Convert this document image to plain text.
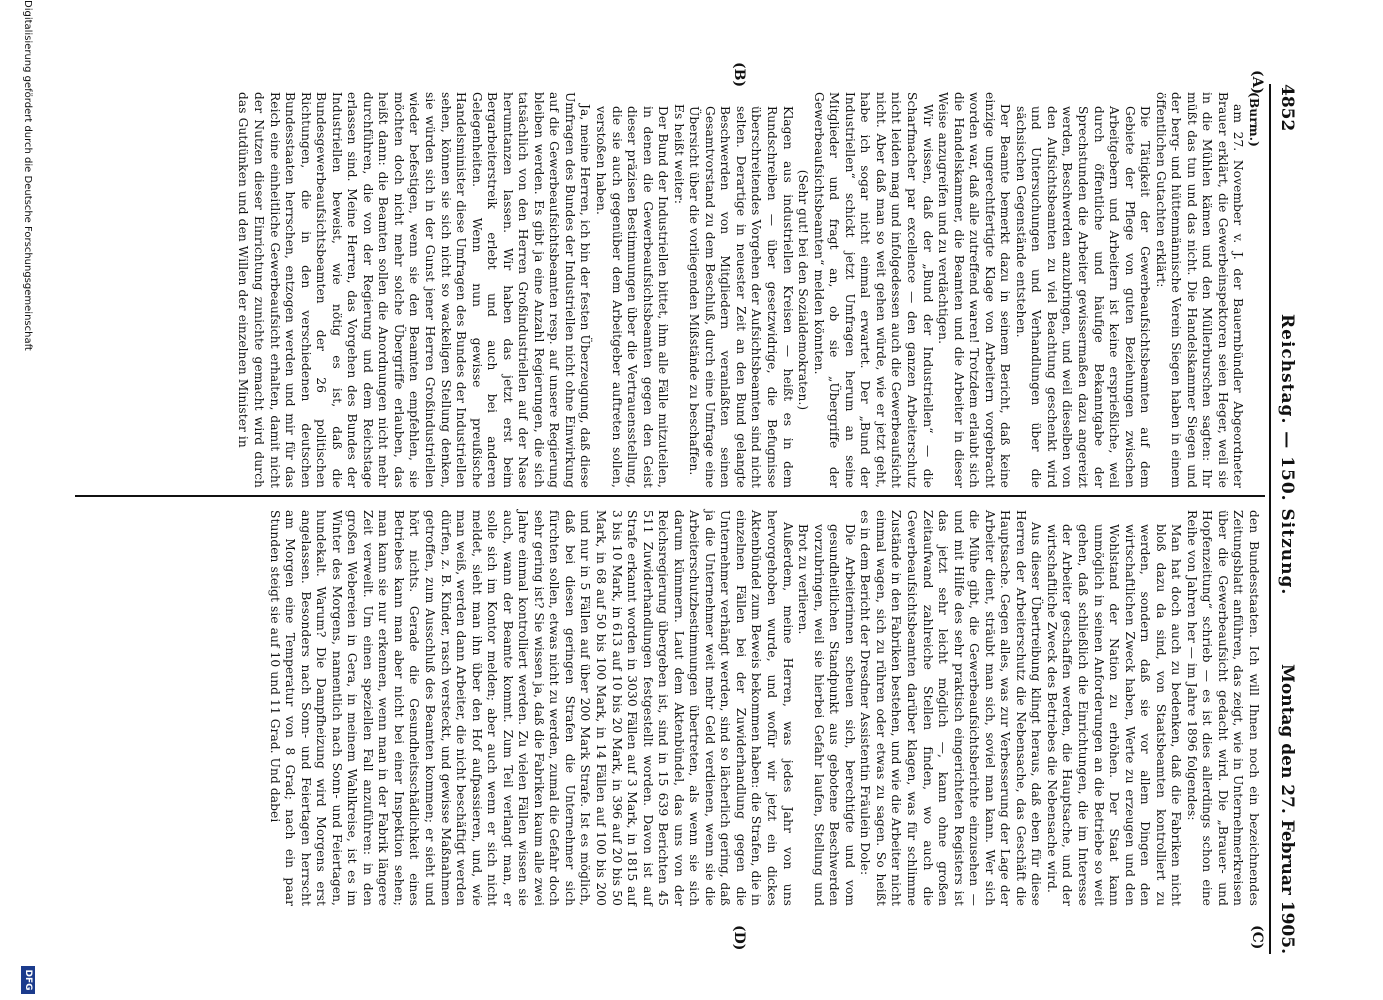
4852
Reichstag. — 150. Sitzung.
Montag den 27. Februar 1905.
(A)
(B)
(C)
(D)

(Burm.)

am 27. November v. J. der Bauernbündler Abgeordneter Brauer erklärt, die Gewerbeinspektoren seien Heger, weil sie in die Mühlen kämen und den Müllerburschen sagten: Ihr müßt das tun und das nicht. Die Handelskammer Siegen und der berg- und hüttenmännische Verein Siegen haben in einem öffentlichen Gutachten erklärt:

Die Tätigkeit der Gewerbeaufsichtsbeamten auf dem Gebiete der Pflege von guten Beziehungen zwischen Arbeitgebern und Arbeitern ist keine ersprießliche, weil durch öffentliche und häufige Bekanntgabe der Sprechstunden die Arbeiter gewissermaßen dazu angereizt werden, Beschwerden anzubringen, und weil dieselben von den Aufsichtsbeamten zu viel Beachtung geschenkt wird und Untersuchungen und Verhandlungen über die sächsischen Gegenstände entstehen.

Der Beamte bemerkt dazu in seinem Bericht, daß keine einzige ungerechtfertigte Klage von Arbeitern vorgebracht worden war, daß alle zutreffend waren! Trotzdem erlaubt sich die Handelskammer, die Beamten und die Arbeiter in dieser Weise anzugreifen und zu verdächtigen.

Wir wissen, daß der „Bund der Industriellen“ — die Scharfmacher par excellence — den ganzen Arbeiterschutz nicht leiden mag und infolgedessen auch die Gewerbeaufsicht nicht. Aber daß man so weit gehen würde, wie er jetzt geht, habe ich sogar nicht einmal erwartet. Der „Bund der Industriellen“ schickt jetzt Umfragen herum an seine Mitglieder und fragt an, ob sie „Übergriffe der Gewerbeaufsichtsbeamten“ melden könnten.

(Sehr gut! bei den Sozialdemokraten.)

Klagen aus industriellen Kreisen — heißt es in dem Rundschreiben — über gesetzwidrige, die Befugnisse überschreitendes Vorgehen der Aufsichtsbeamten sind nicht selten. Derartige in neuester Zeit an den Bund gelangte Beschwerden von Mitgliedern veranlaßten seinen Gesamtvorstand zu dem Beschluß, durch eine Umfrage eine Übersicht über die vorliegenden Mißstände zu beschaffen.

Es heißt weiter:

Der Bund der Industriellen bittet, ihm alle Fälle mitzuteilen, in denen die Gewerbeaufsichtsbeamten gegen den Geist dieser präzisen Bestimmungen über die Vertrauensstellung, die sie auch gegenüber dem Arbeitgeber auftreten sollen, verstoßen haben.

Ja, meine Herren, ich bin der festen Überzeugung, daß diese Umfragen des Bundes der Industriellen nicht ohne Einwirkung auf die Gewerbeaufsichtsbeamten resp. auf unsere Regierung bleiben werden. Es gibt ja eine Anzahl Regierungen, die sich tatsächlich von den Herren Großindustriellen auf der Nase herumtanzen lassen. Wir haben das jetzt erst beim Bergarbeiterstreik erlebt und auch bei anderen Gelegenheiten. Wenn nun gewisse preußische Handelsminister diese Umfragen des Bundes der Industriellen sehen, können sie sich nicht so wackeligen Stellung denken, sie würden sich in der Gunst jener Herren Großindustriellen wieder befestigen, wenn sie den Beamten empfehlen, sie möchten doch nicht mehr solche Übergriffe erlauben, das heißt dann: die Beamten sollen die Anordnungen nicht mehr durchführen, die von der Regierung und dem Reichstage erlassen sind. Meine Herren, das Vorgehen des Bundes der Industriellen beweist, wie nötig es ist, daß die Bundesgewerbeaufsichtsbeamten der 26 politischen Richtungen, die in den verschiedenen deutschen Bundesstaaten herrschen, entzogen werden und mir für das Reich eine einheitliche Gewerbeaufsicht erhalten, damit nicht der Nutzen dieser Einrichtung zunichte gemacht wird durch das Gutdünken und den Willen der einzelnen Minister in

den Bundesstaaten. Ich will Ihnen noch ein bezeichnendes Zeitungsblatt anführen, das zeigt, wie in Unternehmerkreisen über die Gewerbeaufsicht gedacht wird. Die „Brauer- und Hopfenzeitung“ schrieb — es ist dies allerdings schon eine Reihe von Jahren her — im Jahre 1896 folgendes:

Man hat doch auch zu bedenken, daß die Fabriken nicht bloß dazu da sind, von Staatsbeamten kontrolliert zu werden, sondern daß sie vor allem Dingen den wirtschaftlichen Zweck haben, Werte zu erzeugen und den Wohlstand der Nation zu erhöhen. Der Staat kann unmöglich in seinen Anforderungen an die Betriebe so weit gehen, daß schließlich die Einrichtungen, die im Interesse der Arbeiter geschaffen werden, die Hauptsache, und der wirtschaftliche Zweck des Betriebes die Nebensache wird.

Aus dieser Übertreibung klingt heraus, daß eben für diese Herren der Arbeiterschutz die Nebensache, das Geschäft die Hauptsache. Gegen alles, was zur Verbesserung der Lage der Arbeiter dient, sträubt man sich, soviel man kann. Wer sich die Mühe gibt, die Gewerbeaufsichtsberichte einzusehen — und mit Hilfe des sehr praktisch eingerichteten Registers ist das jetzt sehr leicht möglich —, kann ohne großen Zeitaufwand zahlreiche Stellen finden, wo auch die Gewerbeaufsichtsbeamten darüber klagen, was für schlimme Zustände in den Fabriken bestehen, und wie die Arbeiter nicht einmal wagen, sich zu rühren oder etwas zu sagen. So heißt es in dem Bericht der Dresdner Assistentin Fräulein Dole:

Die Arbeiterinnen scheuen sich, berechtigte und vom gesundheitlichen Standpunkt aus gebotene Beschwerden vorzubringen, weil sie hierbei Gefahr laufen, Stellung und Brot zu verlieren.

Außerdem, meine Herren, was jedes Jahr von uns hervorgehoben wurde, und wofür wir jetzt ein dickes Aktenbündel zum Beweis bekommen haben: die Strafen, die in einzelnen Fällen bei der Zuwiderhandlung gegen die Unternehmer verhängt werden, sind so lächerlich gering, daß ja die Unternehmer weit mehr Geld verdienen, wenn sie die Arbeiterschutzbestimmungen übertreten, als wenn sie sich darum kümmern. Laut dem Aktenbündel, das uns von der Reichsregierung übergeben ist, sind in 15 639 Berichten 45 511 Zuwiderhandlungen festgestellt worden. Davon ist auf Strafe erkannt worden in 3030 Fällen auf 3 Mark, in 1815 auf 3 bis 10 Mark, in 613 auf 10 bis 20 Mark, in 396 auf 20 bis 50 Mark, in 68 auf 50 bis 100 Mark, in 14 Fällen auf 100 bis 200 und nur in 5 Fällen auf über 200 Mark Strafe. Ist es möglich, daß bei diesen geringen Strafen die Unternehmer sich fürchten sollen, etwas nicht zu werden, zumal die Gefahr doch sehr gering ist? Sie wissen ja, daß die Fabriken kaum alle zwei Jahre einmal kontrolliert werden. Zu vielen Fällen wissen sie auch, wann der Beamte kommt. Zum Teil verlangt man, er solle sich im Kontor melden; aber auch wenn er sich nicht meldet, sieht man ihn über den Hof aufpassieren, und, wie man weiß, werden dann Arbeiter, die nicht beschäftigt werden dürfen, z. B. Kinder, rasch versteckt, und gewisse Maßnahmen getroffen, zum Ausschluß des Beamten kommen; er sieht und hört nichts. Gerade die Gesundheitsschädlichkeit eines Betriebes kann man aber nicht bei einer Inspektion sehen; man kann sie nur erkennen, wenn man in der Fabrik längere Zeit verweilt. Um einen speziellen Fall anzuführen: in den großen Webereien in Gera, in meinem Wahlkreise, ist es im Winter des Morgens, namentlich nach Sonn- und Feiertagen, hundekalt. Warum? Die Dampfheizung wird Morgens erst angelassen. Besonders nach Sonn- und Feiertagen herrscht am Morgen eine Temperatur von 8 Grad; nach ein paar Stunden steigt sie auf 10 und 11 Grad. Und dabei

Digitalisierung gefördert durch die Deutsche Forschungsgemeinschaft
DFG
